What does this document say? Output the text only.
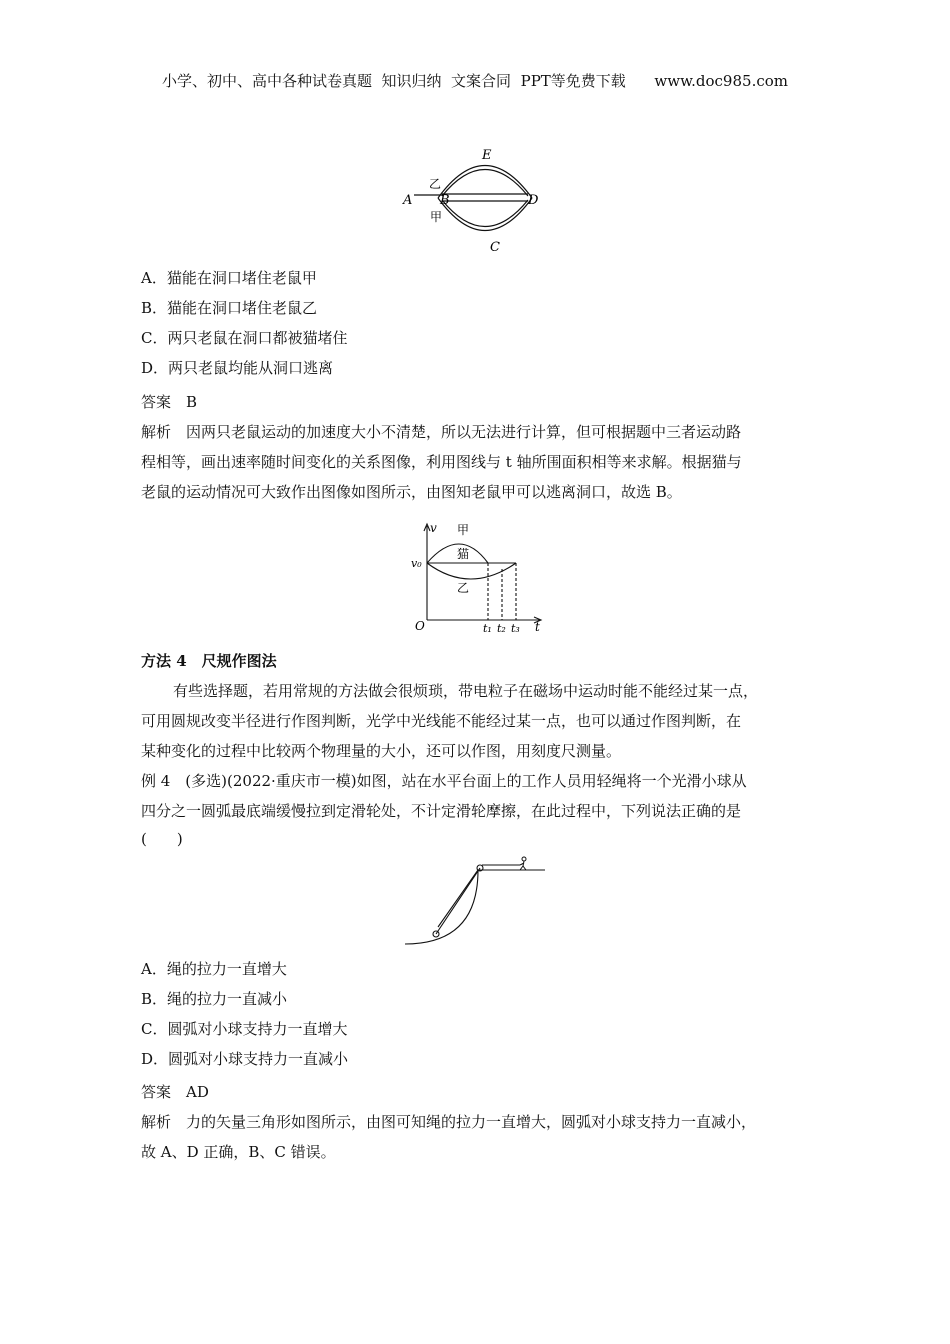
小学、初中、高中各种试卷真题  知识归纳  文案合同  PPT等免费下载      www.doc985.com
A B	D
E
C
乙
甲
A．猫能在洞口堵住老鼠甲
B．猫能在洞口堵住老鼠乙
C．两只老鼠在洞口都被猫堵住
D．两只老鼠均能从洞口逃离
答案　B
解析　因两只老鼠运动的加速度大小不清楚，所以无法进行计算，但可根据题中三者运动路
程相等，画出速率随时间变化的关系图像，利用图线与 t 轴所围面积相等来求解。根据猫与
老鼠的运动情况可大致作出图像如图所示，由图知老鼠甲可以逃离洞口，故选 B。
v 甲
猫
v₀
乙
O	t₁ t₂ t₃ t
方法 4　尺规作图法
有些选择题，若用常规的方法做会很烦琐，带电粒子在磁场中运动时能不能经过某一点，
可用圆规改变半径进行作图判断，光学中光线能不能经过某一点，也可以通过作图判断，在
某种变化的过程中比较两个物理量的大小，还可以作图，用刻度尺测量。
例 4　(多选)(2022·重庆市一模)如图，站在水平台面上的工作人员用轻绳将一个光滑小球从
四分之一圆弧最底端缓慢拉到定滑轮处，不计定滑轮摩擦，在此过程中，下列说法正确的是
(　　)
A．绳的拉力一直增大
B．绳的拉力一直减小
C．圆弧对小球支持力一直增大
D．圆弧对小球支持力一直减小
答案　AD
解析　力的矢量三角形如图所示，由图可知绳的拉力一直增大，圆弧对小球支持力一直减小，
故 A、D 正确，B、C 错误。
